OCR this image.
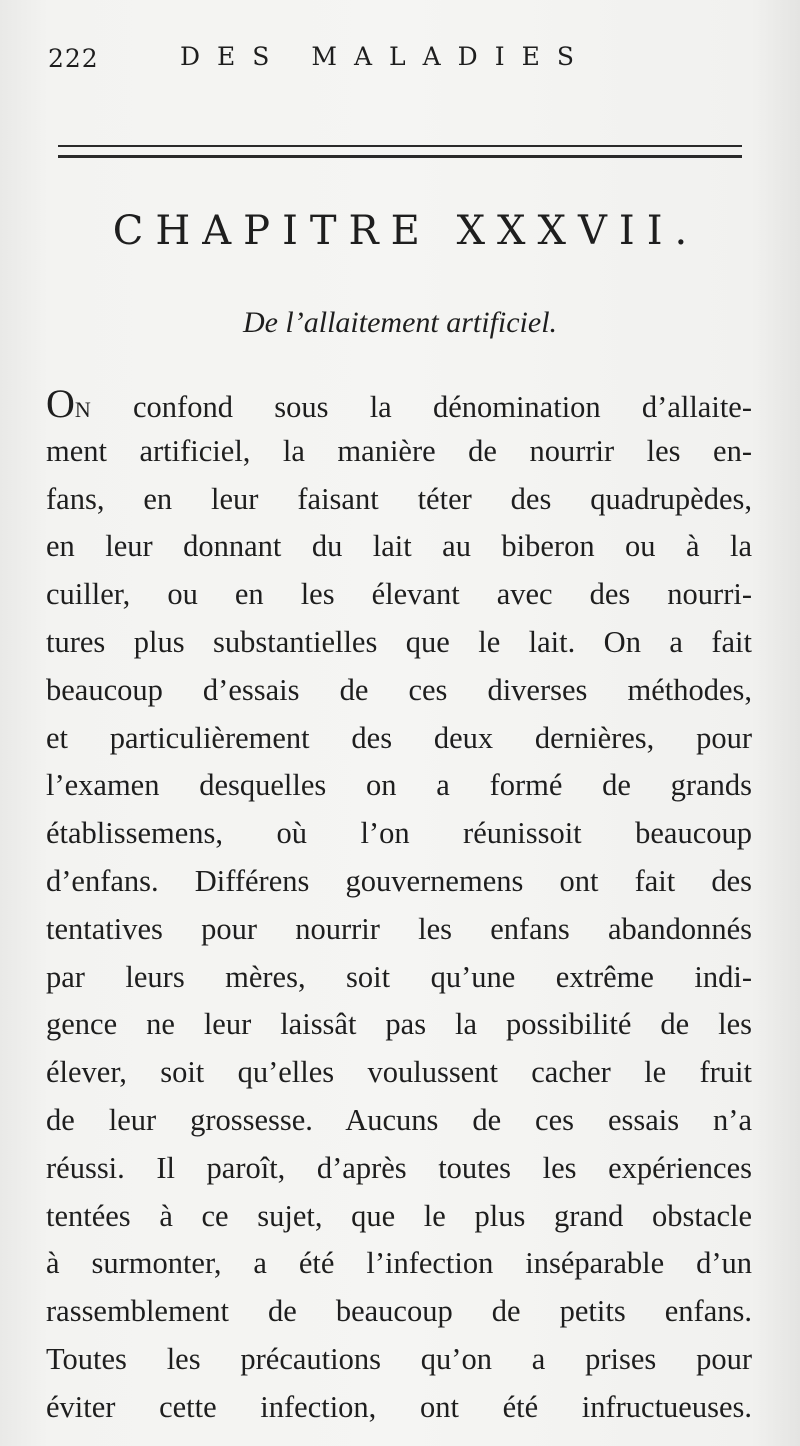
222	DES MALADIES
CHAPITRE XXXVII.
De l’allaitement artificiel.
ON confond sous la dénomination d’allaite-
ment artificiel, la manière de nourrir les en-
fans, en leur faisant téter des quadrupèdes,
en leur donnant du lait au biberon ou à la
cuiller, ou en les élevant avec des nourri-
tures plus substantielles que le lait. On a fait
beaucoup d’essais de ces diverses méthodes,
et particulièrement des deux dernières, pour
l’examen desquelles on a formé de grands
établissemens, où l’on réunissoit beaucoup
d’enfans. Différens gouvernemens ont fait des
tentatives pour nourrir les enfans abandonnés
par leurs mères, soit qu’une extrême indi-
gence ne leur laissât pas la possibilité de les
élever, soit qu’elles voulussent cacher le fruit
de leur grossesse. Aucuns de ces essais n’a
réussi. Il paroît, d’après toutes les expériences
tentées à ce sujet, que le plus grand obstacle
à surmonter, a été l’infection inséparable d’un
rassemblement de beaucoup de petits enfans.
Toutes les précautions qu’on a prises pour
éviter cette infection, ont été infructueuses.
